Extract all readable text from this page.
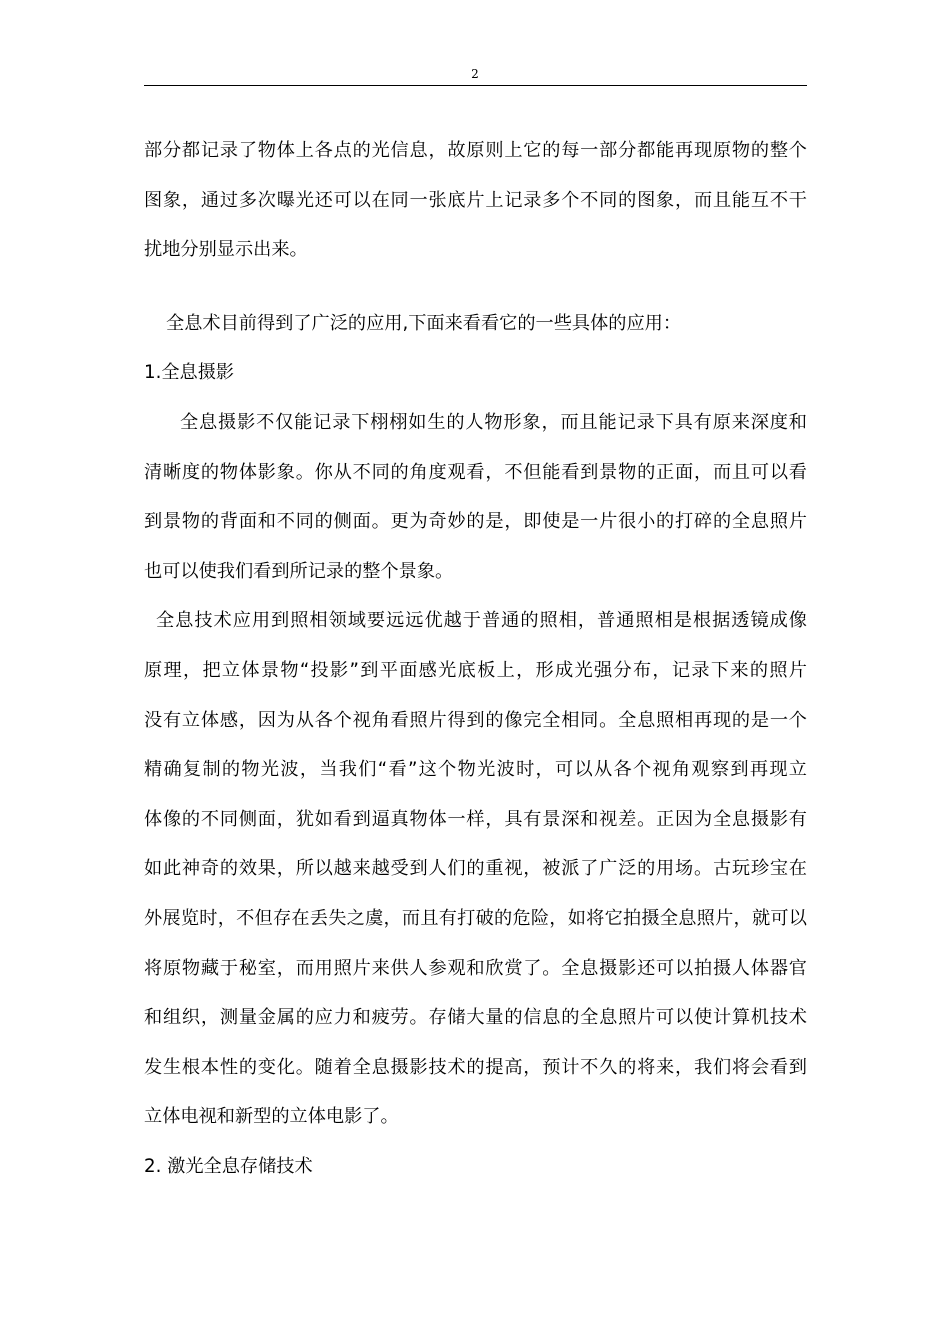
2

部分都记录了物体上各点的光信息，故原则上它的每一部分都能再现原物的整个
图象，通过多次曝光还可以在同一张底片上记录多个不同的图象，而且能互不干
扰地分别显示出来。

全息术目前得到了广泛的应用,下面来看看它的一些具体的应用：

1.全息摄影

全息摄影不仅能记录下栩栩如生的人物形象，而且能记录下具有原来深度和
清晰度的物体影象。你从不同的角度观看，不但能看到景物的正面，而且可以看
到景物的背面和不同的侧面。更为奇妙的是，即使是一片很小的打碎的全息照片
也可以使我们看到所记录的整个景象。

全息技术应用到照相领域要远远优越于普通的照相，普通照相是根据透镜成像
原理，把立体景物“投影”到平面感光底板上，形成光强分布，记录下来的照片
没有立体感，因为从各个视角看照片得到的像完全相同。全息照相再现的是一个
精确复制的物光波，当我们“看”这个物光波时，可以从各个视角观察到再现立
体像的不同侧面，犹如看到逼真物体一样，具有景深和视差。正因为全息摄影有
如此神奇的效果，所以越来越受到人们的重视，被派了广泛的用场。古玩珍宝在
外展览时，不但存在丢失之虞，而且有打破的危险，如将它拍摄全息照片，就可以
将原物藏于秘室，而用照片来供人参观和欣赏了。全息摄影还可以拍摄人体器官
和组织，测量金属的应力和疲劳。存储大量的信息的全息照片可以使计算机技术
发生根本性的变化。随着全息摄影技术的提高，预计不久的将来，我们将会看到
立体电视和新型的立体电影了。

2. 激光全息存储技术
